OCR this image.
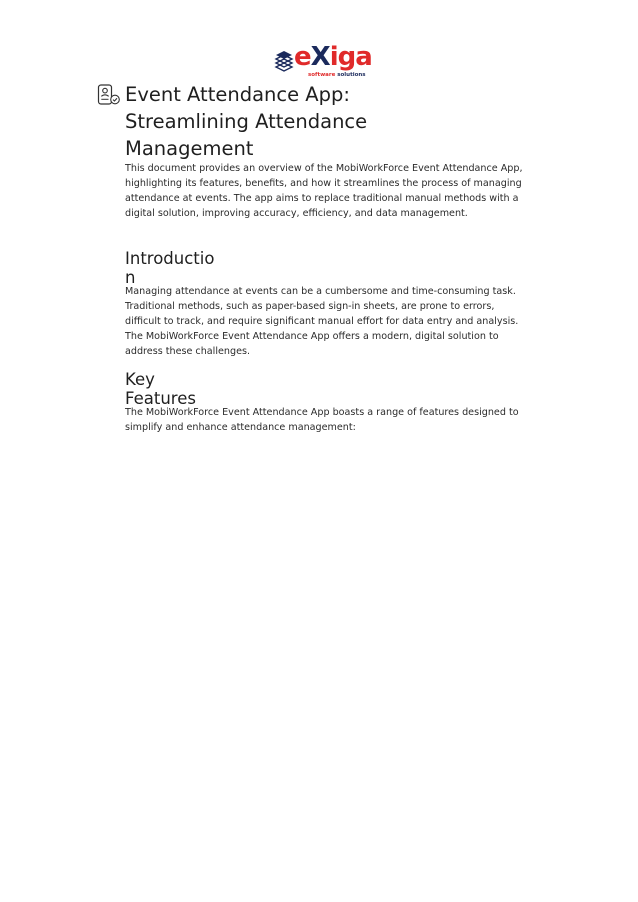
eXiga
software solutions
Event Attendance App: Streamlining Attendance Management

This document provides an overview of the MobiWorkForce Event Attendance App, highlighting its features, benefits, and how it streamlines the process of managing attendance at events. The app aims to replace traditional manual methods with a digital solution, improving accuracy, efficiency, and data management.

Introduction

Managing attendance at events can be a cumbersome and time-consuming task. Traditional methods, such as paper-based sign-in sheets, are prone to errors, difficult to track, and require significant manual effort for data entry and analysis. The MobiWorkForce Event Attendance App offers a modern, digital solution to address these challenges.

Key Features

The MobiWorkForce Event Attendance App boasts a range of features designed to simplify and enhance attendance management:
